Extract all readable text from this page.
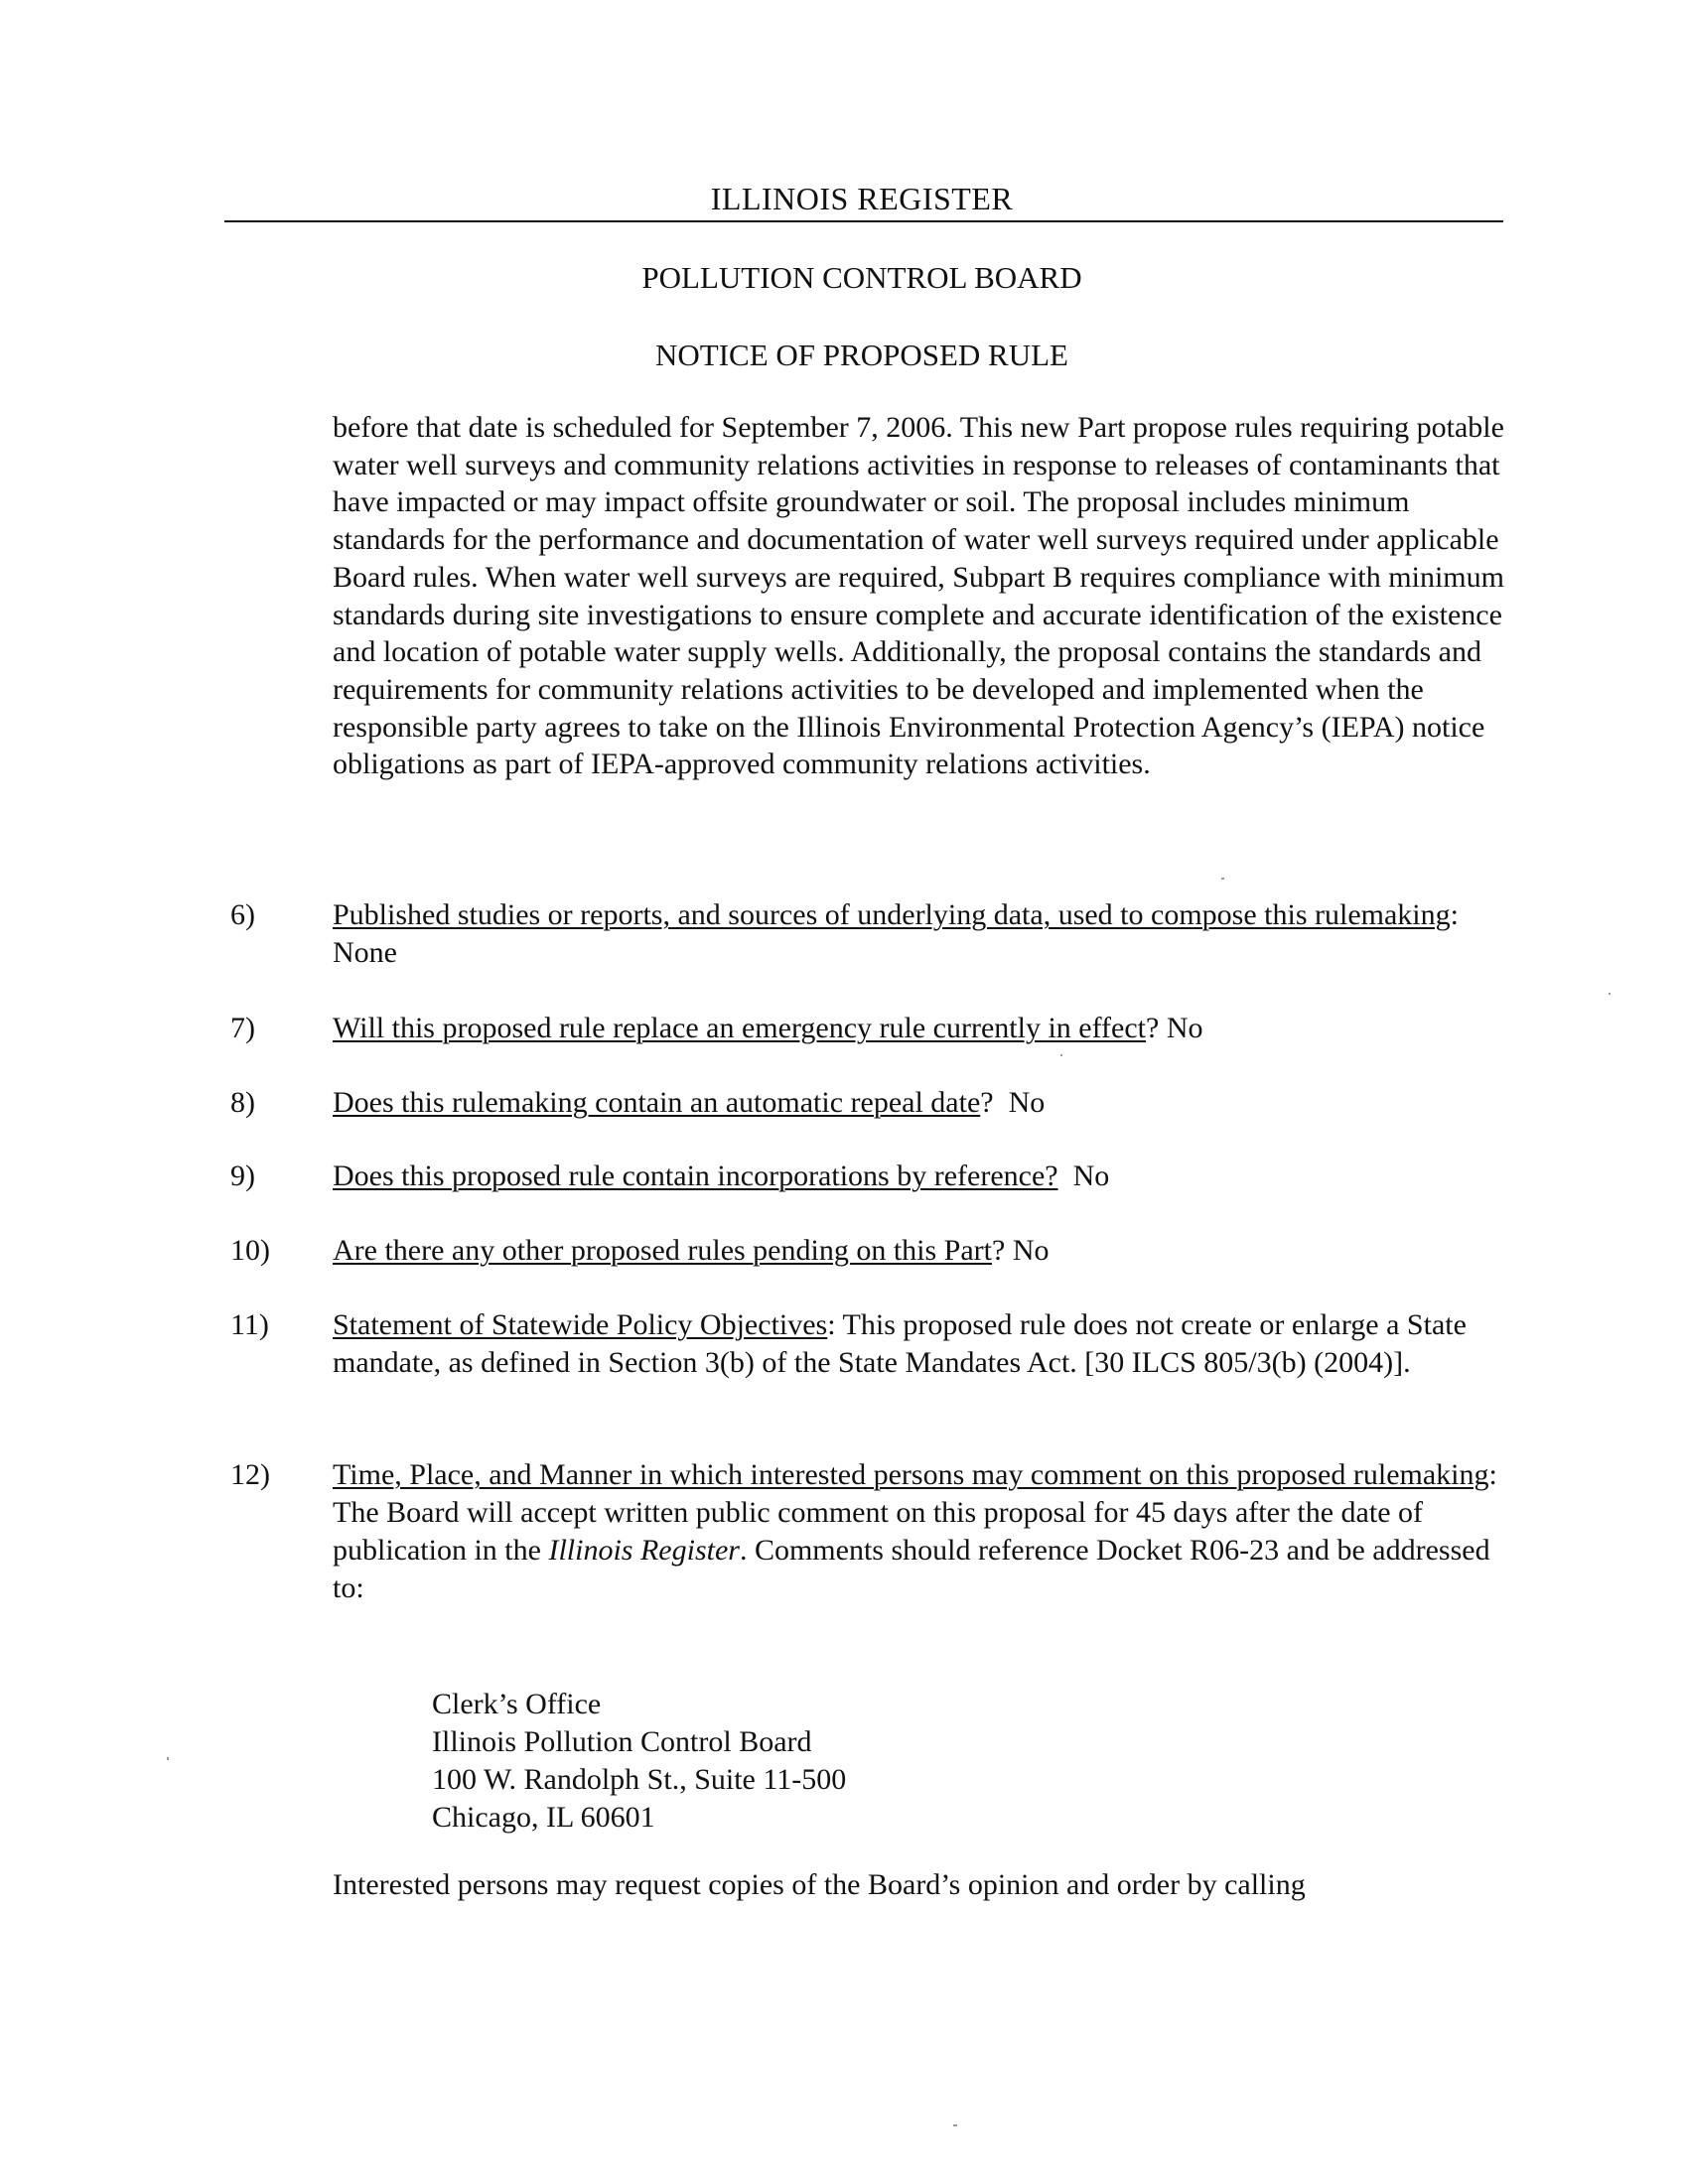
ILLINOIS REGISTER
POLLUTION CONTROL BOARD
NOTICE OF PROPOSED RULE

before that date is scheduled for September 7, 2006. This new Part propose rules requiring potable water well surveys and community relations activities in response to releases of contaminants that have impacted or may impact offsite groundwater or soil. The proposal includes minimum standards for the performance and documentation of water well surveys required under applicable Board rules. When water well surveys are required, Subpart B requires compliance with minimum standards during site investigations to ensure complete and accurate identification of the existence and location of potable water supply wells. Additionally, the proposal contains the standards and requirements for community relations activities to be developed and implemented when the responsible party agrees to take on the Illinois Environmental Protection Agency’s (IEPA) notice obligations as part of IEPA-approved community relations activities.

6)	Published studies or reports, and sources of underlying data, used to compose this rulemaking: None
7)	Will this proposed rule replace an emergency rule currently in effect? No
8)	Does this rulemaking contain an automatic repeal date?  No
9)	Does this proposed rule contain incorporations by reference?  No
10)	Are there any other proposed rules pending on this Part? No
11)	Statement of Statewide Policy Objectives: This proposed rule does not create or enlarge a State mandate, as defined in Section 3(b) of the State Mandates Act. [30 ILCS 805/3(b) (2004)].
12)	Time, Place, and Manner in which interested persons may comment on this proposed rulemaking:
The Board will accept written public comment on this proposal for 45 days after the date of publication in the Illinois Register. Comments should reference Docket R06-23 and be addressed to:
Clerk’s Office
Illinois Pollution Control Board
100 W. Randolph St., Suite 11-500
Chicago, IL 60601
Interested persons may request copies of the Board’s opinion and order by calling
